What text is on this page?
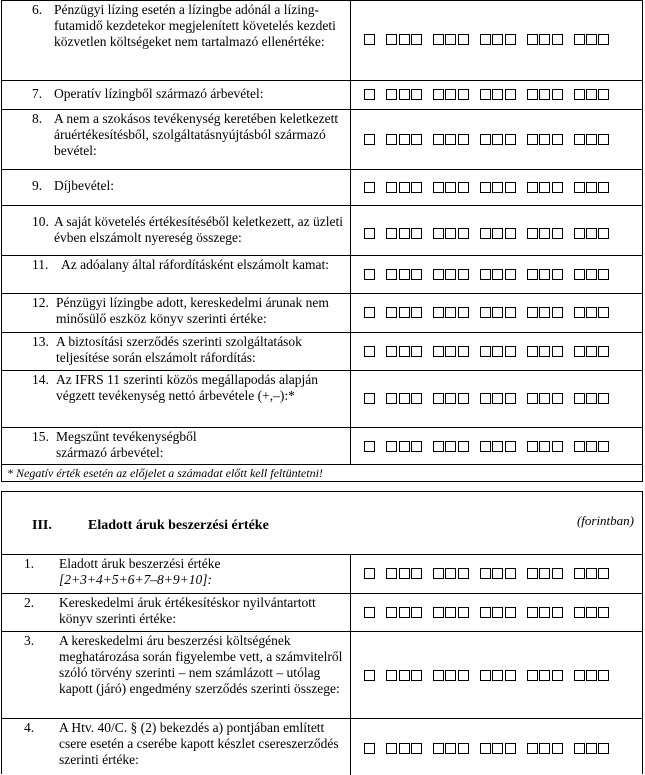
6. Pénzügyi lízing esetén a lízingbe adónál a lízing-futamidő kezdetekor megjelenített követelés kezdeti közvetlen költségeket nem tartalmazó ellenértéke:
7. Operatív lízingből származó árbevétel:
8. A nem a szokásos tevékenység keretében keletkezett áruértékesítésből, szolgáltatásnyújtásból származó bevétel:
9. Díjbevétel:
10. A saját követelés értékesítéséből keletkezett, az üzleti évben elszámolt nyereség összege:
11. Az adóalany által ráfordításként elszámolt kamat:
12. Pénzügyi lízingbe adott, kereskedelmi árunak nem minősülő eszköz könyv szerinti értéke:
13. A biztosítási szerződés szerinti szolgáltatások teljesítése során elszámolt ráfordítás:
14. Az IFRS 11 szerinti közös megállapodás alapján végzett tevékenység nettó árbevétele (+,–):*
15. Megszűnt tevékenységből származó árbevétel:
* Negatív érték esetén az előjelet a számadat előtt kell feltüntetni!
III.	Eladott áruk beszerzési értéke	(forintban)
1. Eladott áruk beszerzési értéke
[2+3+4+5+6+7–8+9+10]:
2. Kereskedelmi áruk értékesítéskor nyilvántartott könyv szerinti értéke:
3. A kereskedelmi áru beszerzési költségének meghatározása során figyelembe vett, a számvitelről szóló törvény szerinti – nem számlázott – utólag kapott (járó) engedmény szerződés szerinti összege:
4. A Htv. 40/C. § (2) bekezdés a) pontjában említett csere esetén a cserébe kapott készlet csereszerződés szerinti értéke:
